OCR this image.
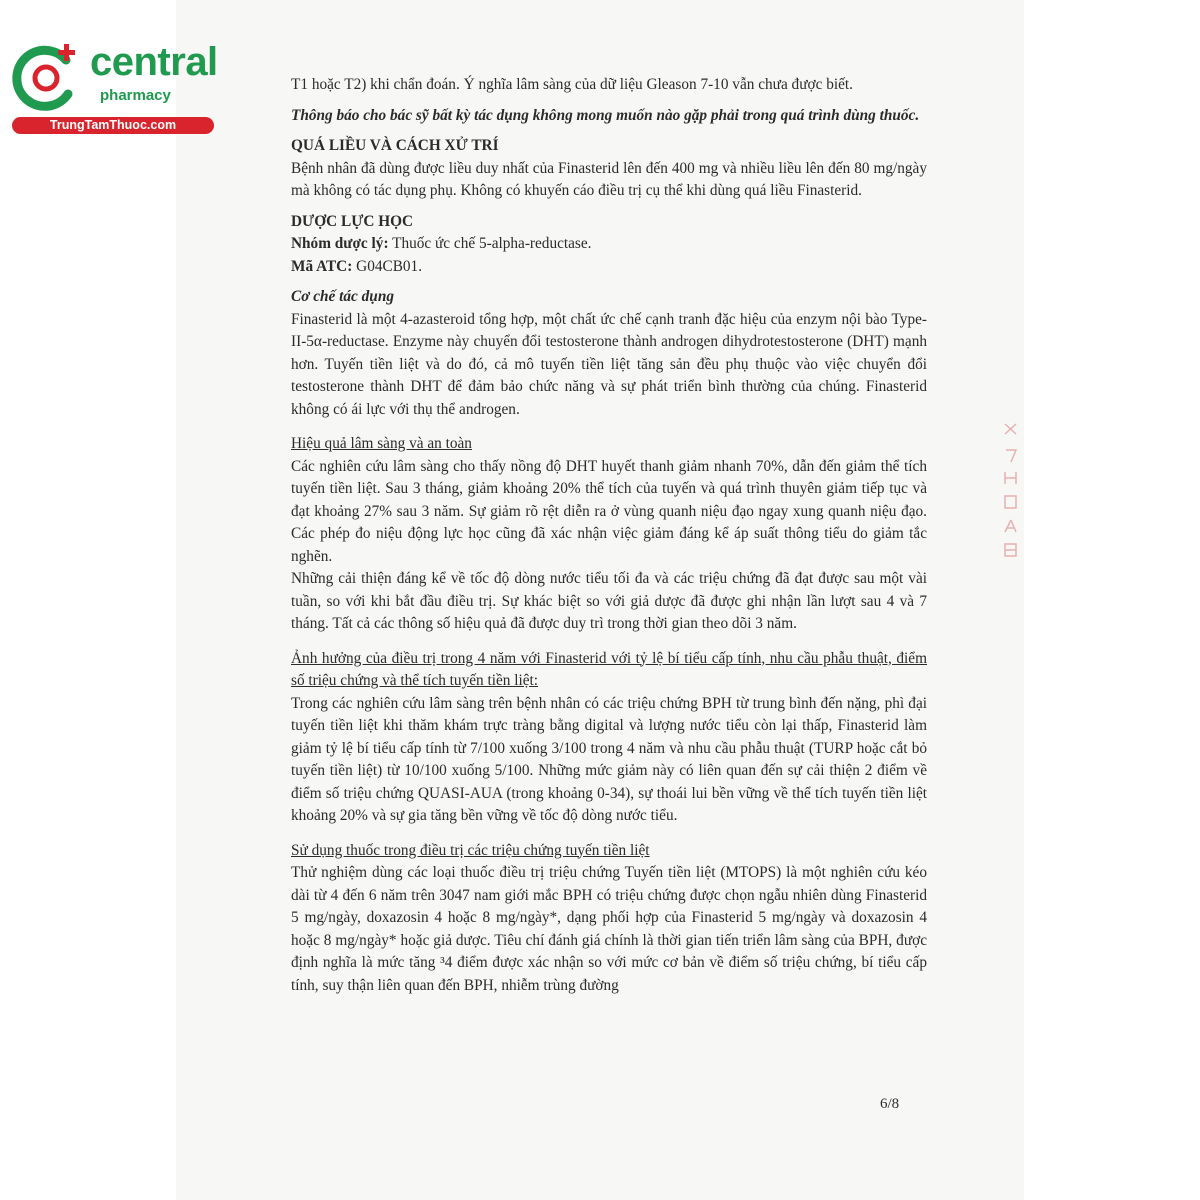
central
pharmacy
TrungTamThuoc.com

T1 hoặc T2) khi chẩn đoán. Ý nghĩa lâm sàng của dữ liệu Gleason 7-10 vẫn chưa được biết.

Thông báo cho bác sỹ bất kỳ tác dụng không mong muốn nào gặp phải trong quá trình dùng thuốc.

QUÁ LIỀU VÀ CÁCH XỬ TRÍ

Bệnh nhân đã dùng được liều duy nhất của Finasterid lên đến 400 mg và nhiều liều lên đến 80 mg/ngày mà không có tác dụng phụ. Không có khuyến cáo điều trị cụ thể khi dùng quá liều Finasterid.

DƯỢC LỰC HỌC

Nhóm dược lý: Thuốc ức chế 5-alpha-reductase.

Mã ATC: G04CB01.

Cơ chế tác dụng

Finasterid là một 4-azasteroid tổng hợp, một chất ức chế cạnh tranh đặc hiệu của enzym nội bào Type-II-5α-reductase. Enzyme này chuyển đổi testosterone thành androgen dihydrotestosterone (DHT) mạnh hơn. Tuyến tiền liệt và do đó, cả mô tuyến tiền liệt tăng sản đều phụ thuộc vào việc chuyển đổi testosterone thành DHT để đảm bảo chức năng và sự phát triển bình thường của chúng. Finasterid không có ái lực với thụ thể androgen.

Hiệu quả lâm sàng và an toàn

Các nghiên cứu lâm sàng cho thấy nồng độ DHT huyết thanh giảm nhanh 70%, dẫn đến giảm thể tích tuyến tiền liệt. Sau 3 tháng, giảm khoảng 20% thể tích của tuyến và quá trình thuyên giảm tiếp tục và đạt khoảng 27% sau 3 năm. Sự giảm rõ rệt diễn ra ở vùng quanh niệu đạo ngay xung quanh niệu đạo. Các phép đo niệu động lực học cũng đã xác nhận việc giảm đáng kể áp suất thông tiểu do giảm tắc nghẽn.

Những cải thiện đáng kể về tốc độ dòng nước tiểu tối đa và các triệu chứng đã đạt được sau một vài tuần, so với khi bắt đầu điều trị. Sự khác biệt so với giả dược đã được ghi nhận lần lượt sau 4 và 7 tháng. Tất cả các thông số hiệu quả đã được duy trì trong thời gian theo dõi 3 năm.

Ảnh hưởng của điều trị trong 4 năm với Finasterid với tỷ lệ bí tiểu cấp tính, nhu cầu phẫu thuật, điểm số triệu chứng và thể tích tuyến tiền liệt:

Trong các nghiên cứu lâm sàng trên bệnh nhân có các triệu chứng BPH từ trung bình đến nặng, phì đại tuyến tiền liệt khi thăm khám trực tràng bằng digital và lượng nước tiểu còn lại thấp, Finasterid làm giảm tỷ lệ bí tiểu cấp tính từ 7/100 xuống 3/100 trong 4 năm và nhu cầu phẫu thuật (TURP hoặc cắt bỏ tuyến tiền liệt) từ 10/100 xuống 5/100. Những mức giảm này có liên quan đến sự cải thiện 2 điểm về điểm số triệu chứng QUASI-AUA (trong khoảng 0-34), sự thoái lui bền vững về thể tích tuyến tiền liệt khoảng 20% và sự gia tăng bền vững về tốc độ dòng nước tiểu.

Sử dụng thuốc trong điều trị các triệu chứng tuyến tiền liệt

Thử nghiệm dùng các loại thuốc điều trị triệu chứng Tuyến tiền liệt (MTOPS) là một nghiên cứu kéo dài từ 4 đến 6 năm trên 3047 nam giới mắc BPH có triệu chứng được chọn ngẫu nhiên dùng Finasterid 5 mg/ngày, doxazosin 4 hoặc 8 mg/ngày*, dạng phối hợp của Finasterid 5 mg/ngày và doxazosin 4 hoặc 8 mg/ngày* hoặc giả dược. Tiêu chí đánh giá chính là thời gian tiến triển lâm sàng của BPH, được định nghĩa là mức tăng ³4 điểm được xác nhận so với mức cơ bản về điểm số triệu chứng, bí tiểu cấp tính, suy thận liên quan đến BPH, nhiễm trùng đường

6/8
